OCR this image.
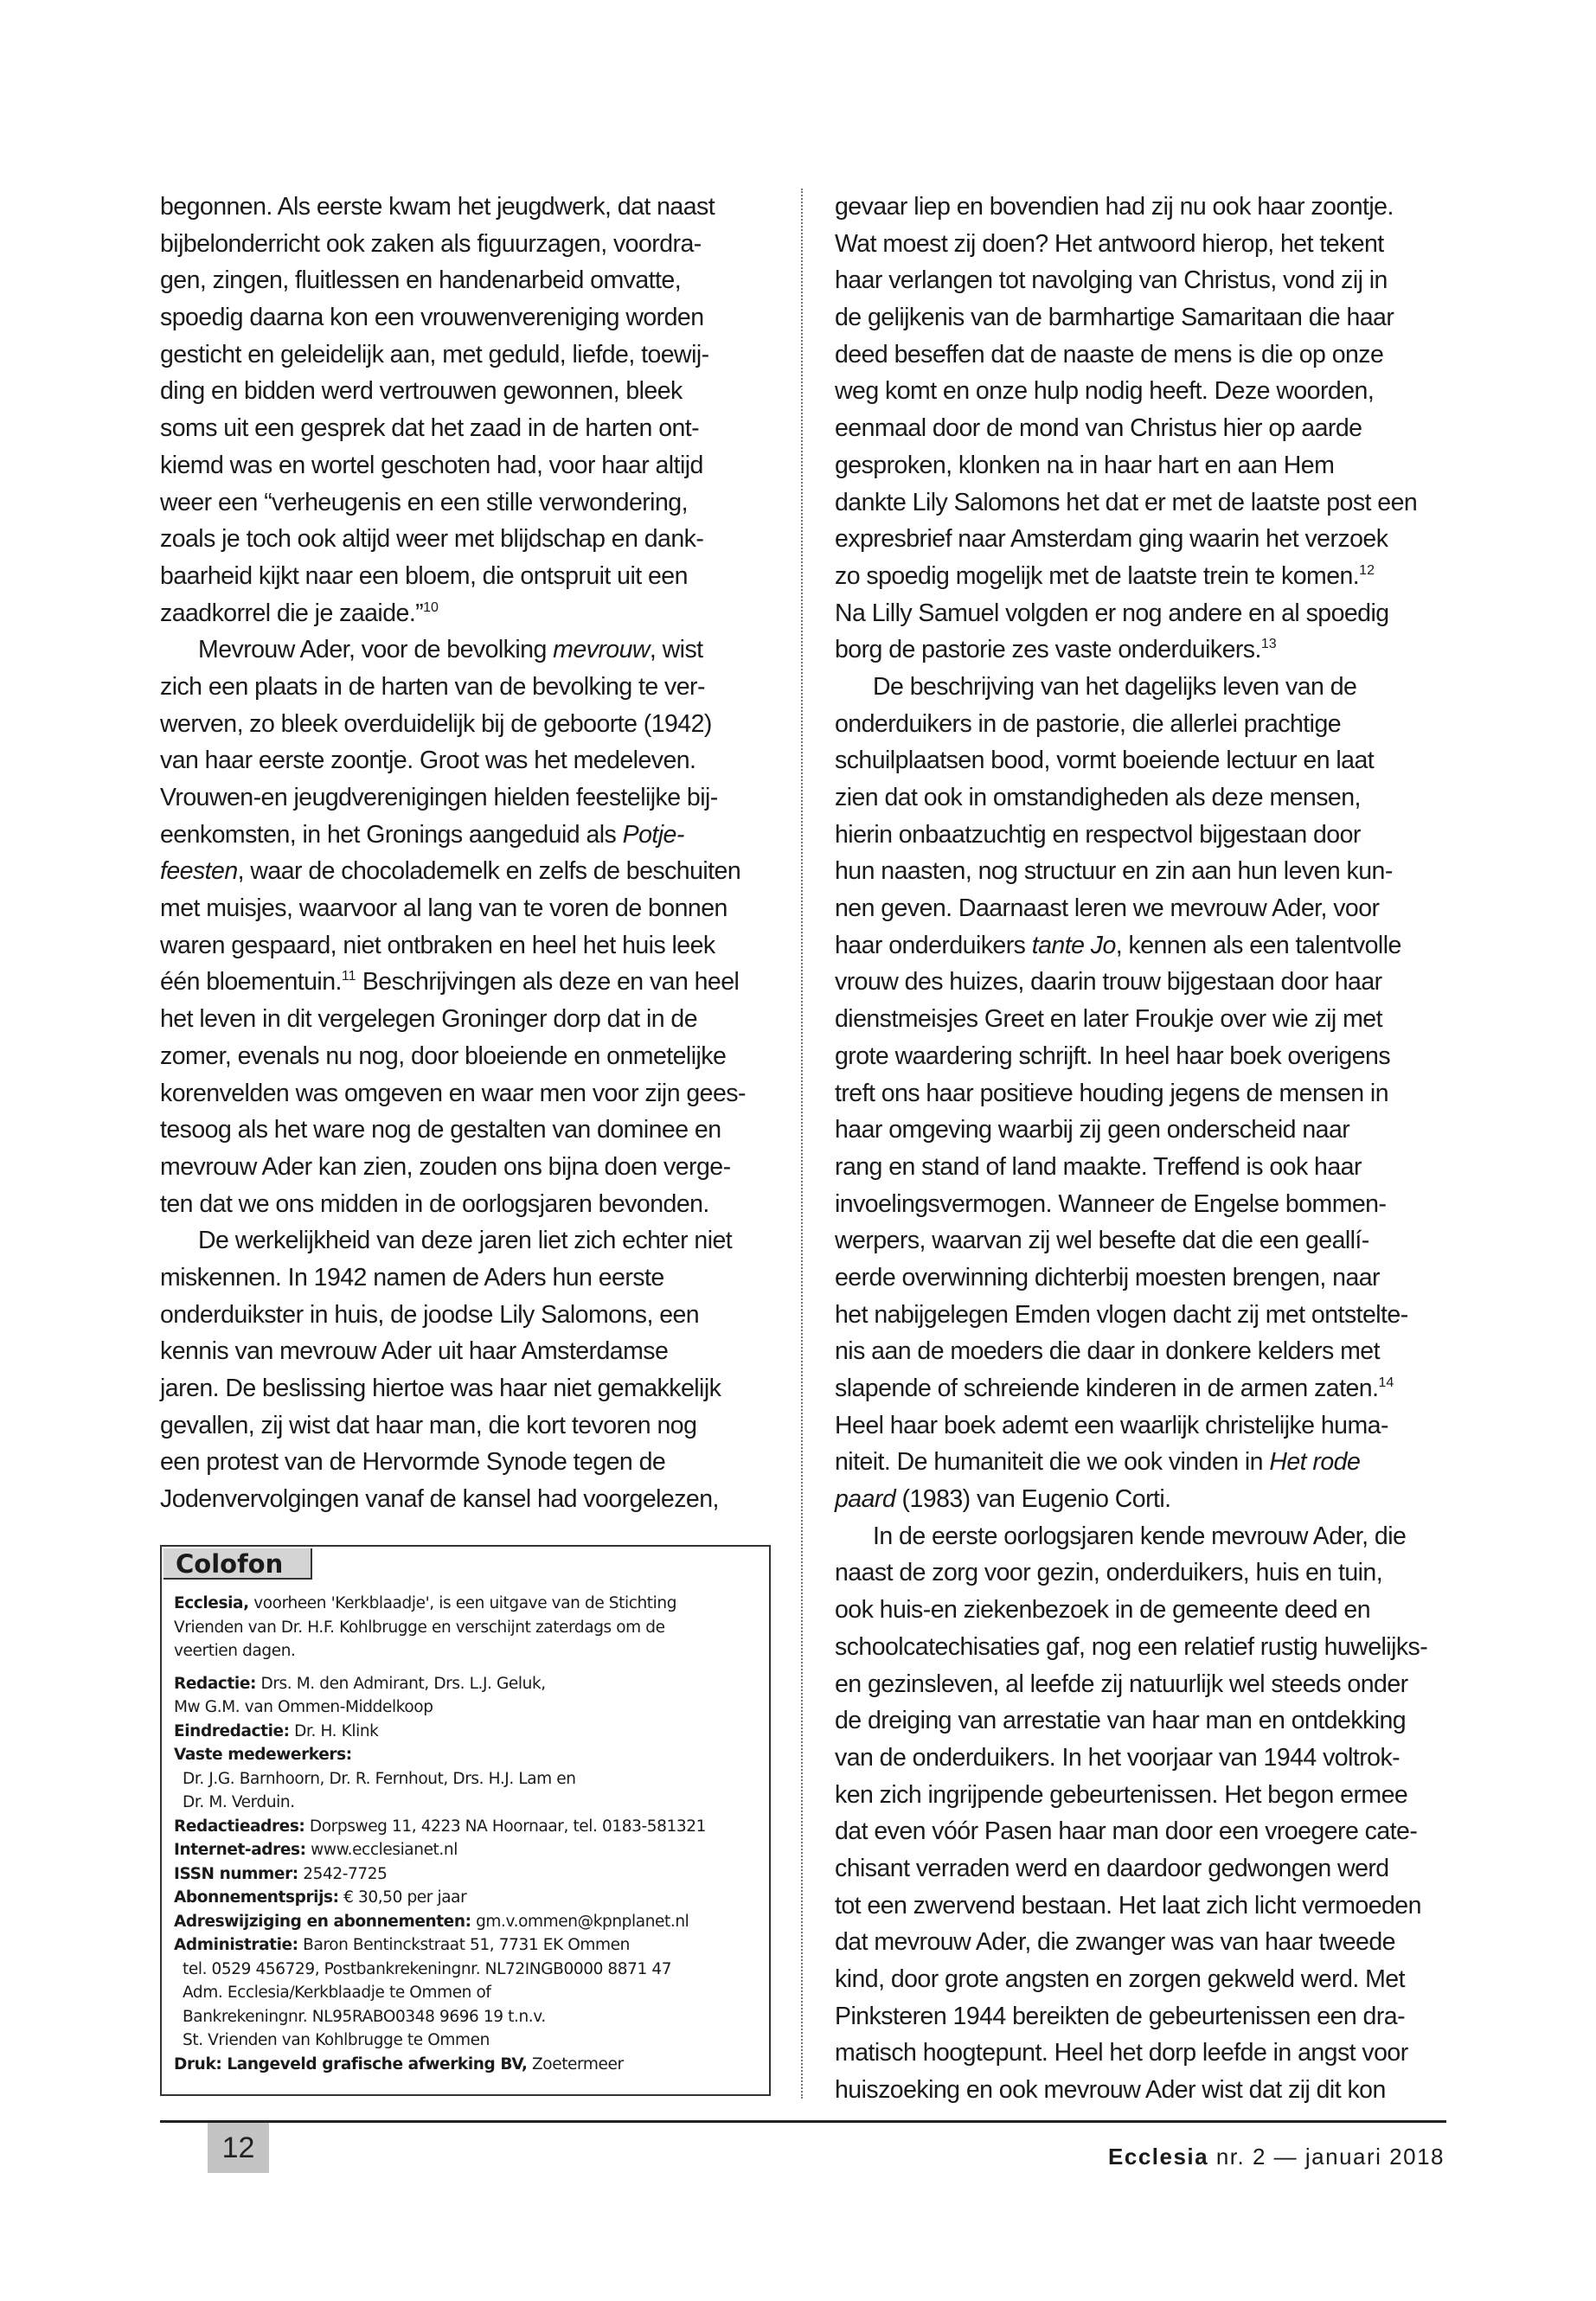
begonnen. Als eerste kwam het jeugdwerk, dat naast
bijbelonderricht ook zaken als figuurzagen, voordra-
gen, zingen, fluitlessen en handenarbeid omvatte,
spoedig daarna kon een vrouwenvereniging worden
gesticht en geleidelijk aan, met geduld, liefde, toewij-
ding en bidden werd vertrouwen gewonnen, bleek
soms uit een gesprek dat het zaad in de harten ont-
kiemd was en wortel geschoten had, voor haar altijd
weer een “verheugenis en een stille verwondering,
zoals je toch ook altijd weer met blijdschap en dank-
baarheid kijkt naar een bloem, die ontspruit uit een
zaadkorrel die je zaaide.”$^{10}$
Mevrouw Ader, voor de bevolking mevrouw, wist
zich een plaats in de harten van de bevolking te ver-
werven, zo bleek overduidelijk bij de geboorte (1942)
van haar eerste zoontje. Groot was het medeleven.
Vrouwen-en jeugdverenigingen hielden feestelijke bij-
eenkomsten, in het Gronings aangeduid als Potje-
feesten, waar de chocolademelk en zelfs de beschuiten
met muisjes, waarvoor al lang van te voren de bonnen
waren gespaard, niet ontbraken en heel het huis leek
één bloementuin.$^{11}$ Beschrijvingen als deze en van heel
het leven in dit vergelegen Groninger dorp dat in de
zomer, evenals nu nog, door bloeiende en onmetelijke
korenvelden was omgeven en waar men voor zijn gees-
tesoog als het ware nog de gestalten van dominee en
mevrouw Ader kan zien, zouden ons bijna doen verge-
ten dat we ons midden in de oorlogsjaren bevonden.
De werkelijkheid van deze jaren liet zich echter niet
miskennen. In 1942 namen de Aders hun eerste
onderduikster in huis, de joodse Lily Salomons, een
kennis van mevrouw Ader uit haar Amsterdamse
jaren. De beslissing hiertoe was haar niet gemakkelijk
gevallen, zij wist dat haar man, die kort tevoren nog
een protest van de Hervormde Synode tegen de
Jodenvervolgingen vanaf de kansel had voorgelezen,
gevaar liep en bovendien had zij nu ook haar zoontje.
Wat moest zij doen? Het antwoord hierop, het tekent
haar verlangen tot navolging van Christus, vond zij in
de gelijkenis van de barmhartige Samaritaan die haar
deed beseffen dat de naaste de mens is die op onze
weg komt en onze hulp nodig heeft. Deze woorden,
eenmaal door de mond van Christus hier op aarde
gesproken, klonken na in haar hart en aan Hem
dankte Lily Salomons het dat er met de laatste post een
expresbrief naar Amsterdam ging waarin het verzoek
zo spoedig mogelijk met de laatste trein te komen.$^{12}$
Na Lilly Samuel volgden er nog andere en al spoedig
borg de pastorie zes vaste onderduikers.$^{13}$
De beschrijving van het dagelijks leven van de
onderduikers in de pastorie, die allerlei prachtige
schuilplaatsen bood, vormt boeiende lectuur en laat
zien dat ook in omstandigheden als deze mensen,
hierin onbaatzuchtig en respectvol bijgestaan door
hun naasten, nog structuur en zin aan hun leven kun-
nen geven. Daarnaast leren we mevrouw Ader, voor
haar onderduikers tante Jo, kennen als een talentvolle
vrouw des huizes, daarin trouw bijgestaan door haar
dienstmeisjes Greet en later Froukje over wie zij met
grote waardering schrijft. In heel haar boek overigens
treft ons haar positieve houding jegens de mensen in
haar omgeving waarbij zij geen onderscheid naar
rang en stand of land maakte. Treffend is ook haar
invoelingsvermogen. Wanneer de Engelse bommen-
werpers, waarvan zij wel besefte dat die een geallí-
eerde overwinning dichterbij moesten brengen, naar
het nabijgelegen Emden vlogen dacht zij met ontstelte-
nis aan de moeders die daar in donkere kelders met
slapende of schreiende kinderen in de armen zaten.$^{14}$
Heel haar boek ademt een waarlijk christelijke huma-
niteit. De humaniteit die we ook vinden in Het rode
paard (1983) van Eugenio Corti.
In de eerste oorlogsjaren kende mevrouw Ader, die
naast de zorg voor gezin, onderduikers, huis en tuin,
ook huis-en ziekenbezoek in de gemeente deed en
schoolcatechisaties gaf, nog een relatief rustig huwelijks-
en gezinsleven, al leefde zij natuurlijk wel steeds onder
de dreiging van arrestatie van haar man en ontdekking
van de onderduikers. In het voorjaar van 1944 voltrok-
ken zich ingrijpende gebeurtenissen. Het begon ermee
dat even vóór Pasen haar man door een vroegere cate-
chisant verraden werd en daardoor gedwongen werd
tot een zwervend bestaan. Het laat zich licht vermoeden
dat mevrouw Ader, die zwanger was van haar tweede
kind, door grote angsten en zorgen gekweld werd. Met
Pinksteren 1944 bereikten de gebeurtenissen een dra-
matisch hoogtepunt. Heel het dorp leefde in angst voor
huiszoeking en ook mevrouw Ader wist dat zij dit kon
Colofon
Ecclesia, voorheen 'Kerkblaadje', is een uitgave van de Stichting
Vrienden van Dr. H.F. Kohlbrugge en verschijnt zaterdags om de
veertien dagen.
Redactie: Drs. M. den Admirant, Drs. L.J. Geluk,
Mw G.M. van Ommen-Middelkoop
Eindredactie: Dr. H. Klink
Vaste medewerkers:
Dr. J.G. Barnhoorn, Dr. R. Fernhout, Drs. H.J. Lam en
Dr. M. Verduin.
Redactieadres: Dorpsweg 11, 4223 NA Hoornaar, tel. 0183-581321
Internet-adres: www.ecclesianet.nl
ISSN nummer: 2542-7725
Abonnementsprijs: € 30,50 per jaar
Adreswijziging en abonnementen: gm.v.ommen@kpnplanet.nl
Administratie: Baron Bentinckstraat 51, 7731 EK Ommen
tel. 0529 456729, Postbankrekeningnr. NL72INGB0000 8871 47
Adm. Ecclesia/Kerkblaadje te Ommen of
Bankrekeningnr. NL95RABO0348 9696 19 t.n.v.
St. Vrienden van Kohlbrugge te Ommen
Druk: Langeveld grafische afwerking BV, Zoetermeer
12	Ecclesia nr. 2 — januari 2018
